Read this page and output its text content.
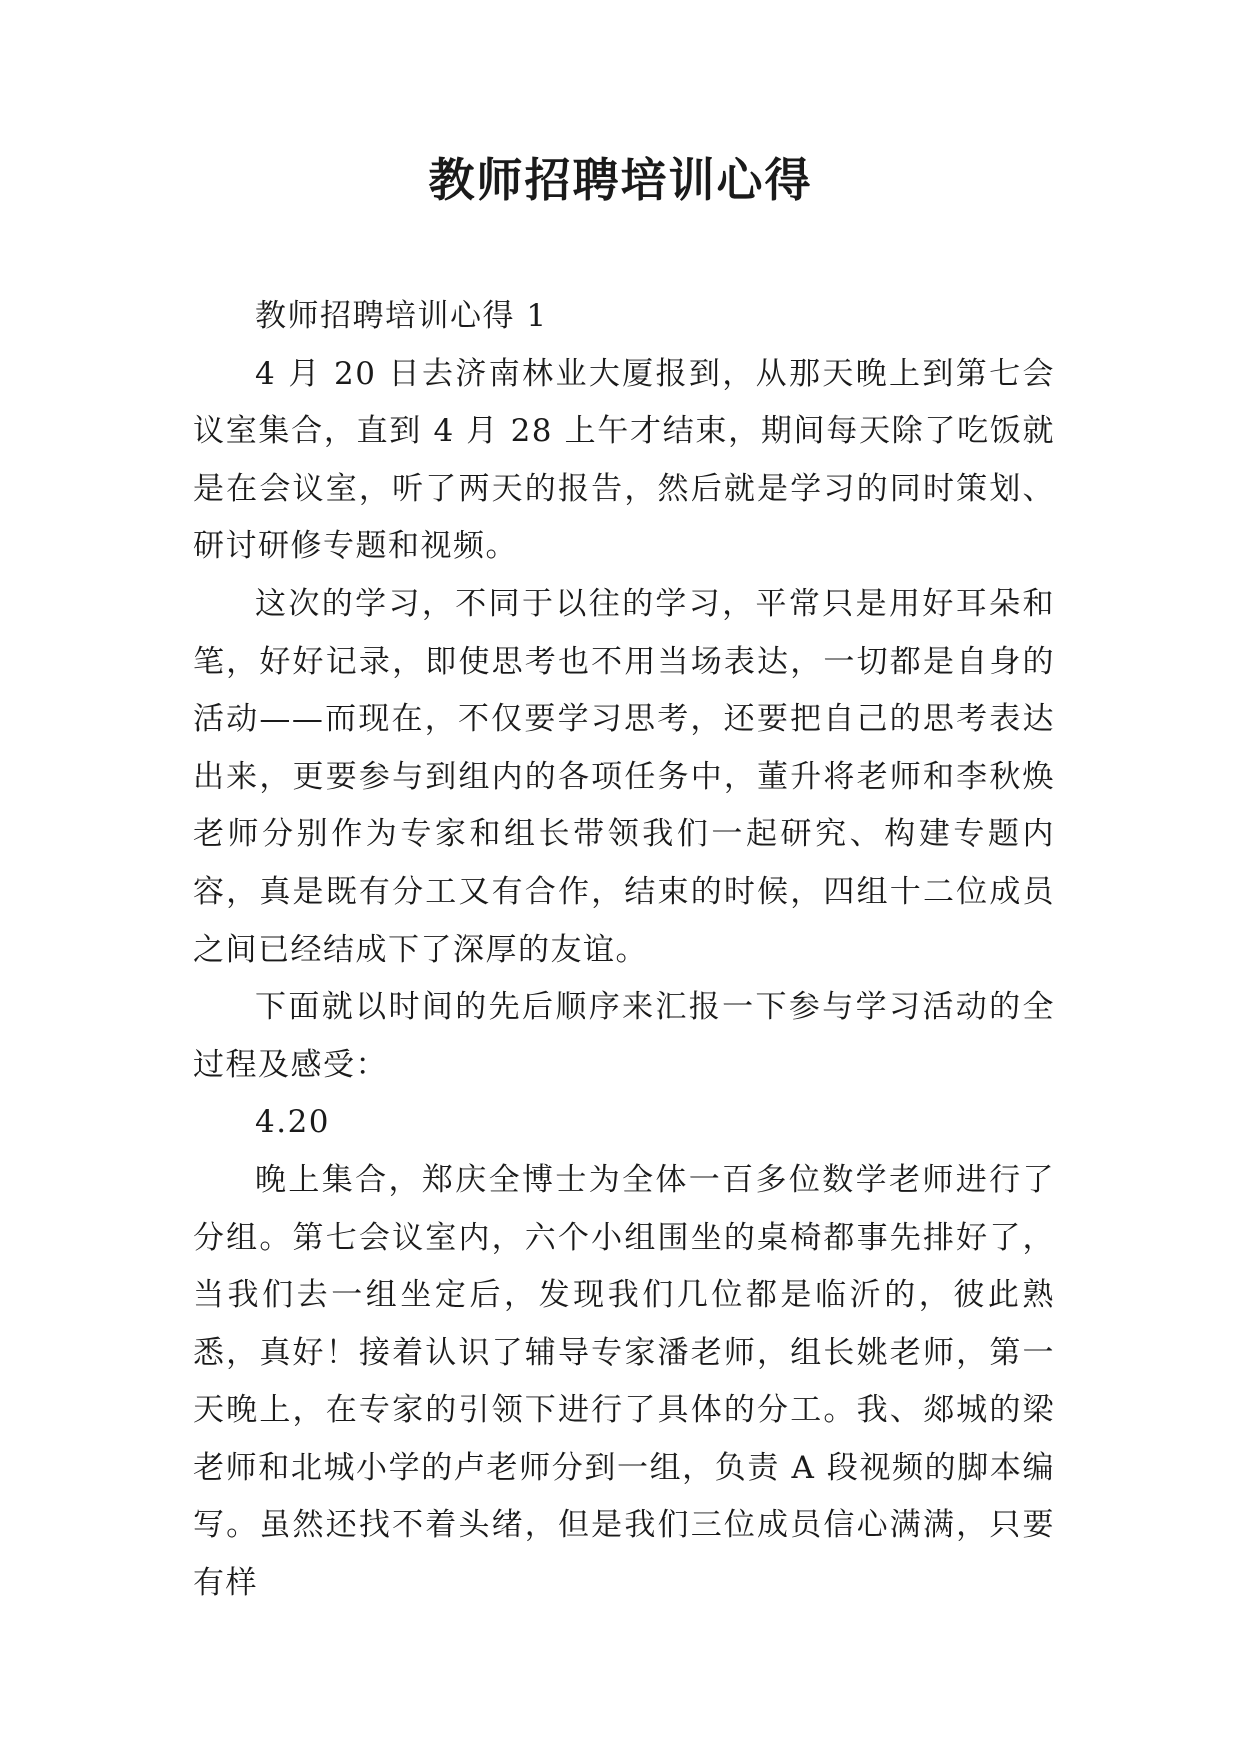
教师招聘培训心得

教师招聘培训心得 1

4 月 20 日去济南林业大厦报到，从那天晚上到第七会议室集合，直到 4 月 28 上午才结束，期间每天除了吃饭就是在会议室，听了两天的报告，然后就是学习的同时策划、研讨研修专题和视频。

这次的学习，不同于以往的学习，平常只是用好耳朵和笔，好好记录，即使思考也不用当场表达，一切都是自身的活动——而现在，不仅要学习思考，还要把自己的思考表达出来，更要参与到组内的各项任务中，董升将老师和李秋焕老师分别作为专家和组长带领我们一起研究、构建专题内容，真是既有分工又有合作，结束的时候，四组十二位成员之间已经结成下了深厚的友谊。

下面就以时间的先后顺序来汇报一下参与学习活动的全过程及感受：

4.20

晚上集合，郑庆全博士为全体一百多位数学老师进行了分组。第七会议室内，六个小组围坐的桌椅都事先排好了，当我们去一组坐定后，发现我们几位都是临沂的，彼此熟悉，真好！接着认识了辅导专家潘老师，组长姚老师，第一天晚上，在专家的引领下进行了具体的分工。我、郯城的梁老师和北城小学的卢老师分到一组，负责 A 段视频的脚本编写。虽然还找不着头绪，但是我们三位成员信心满满，只要有样
